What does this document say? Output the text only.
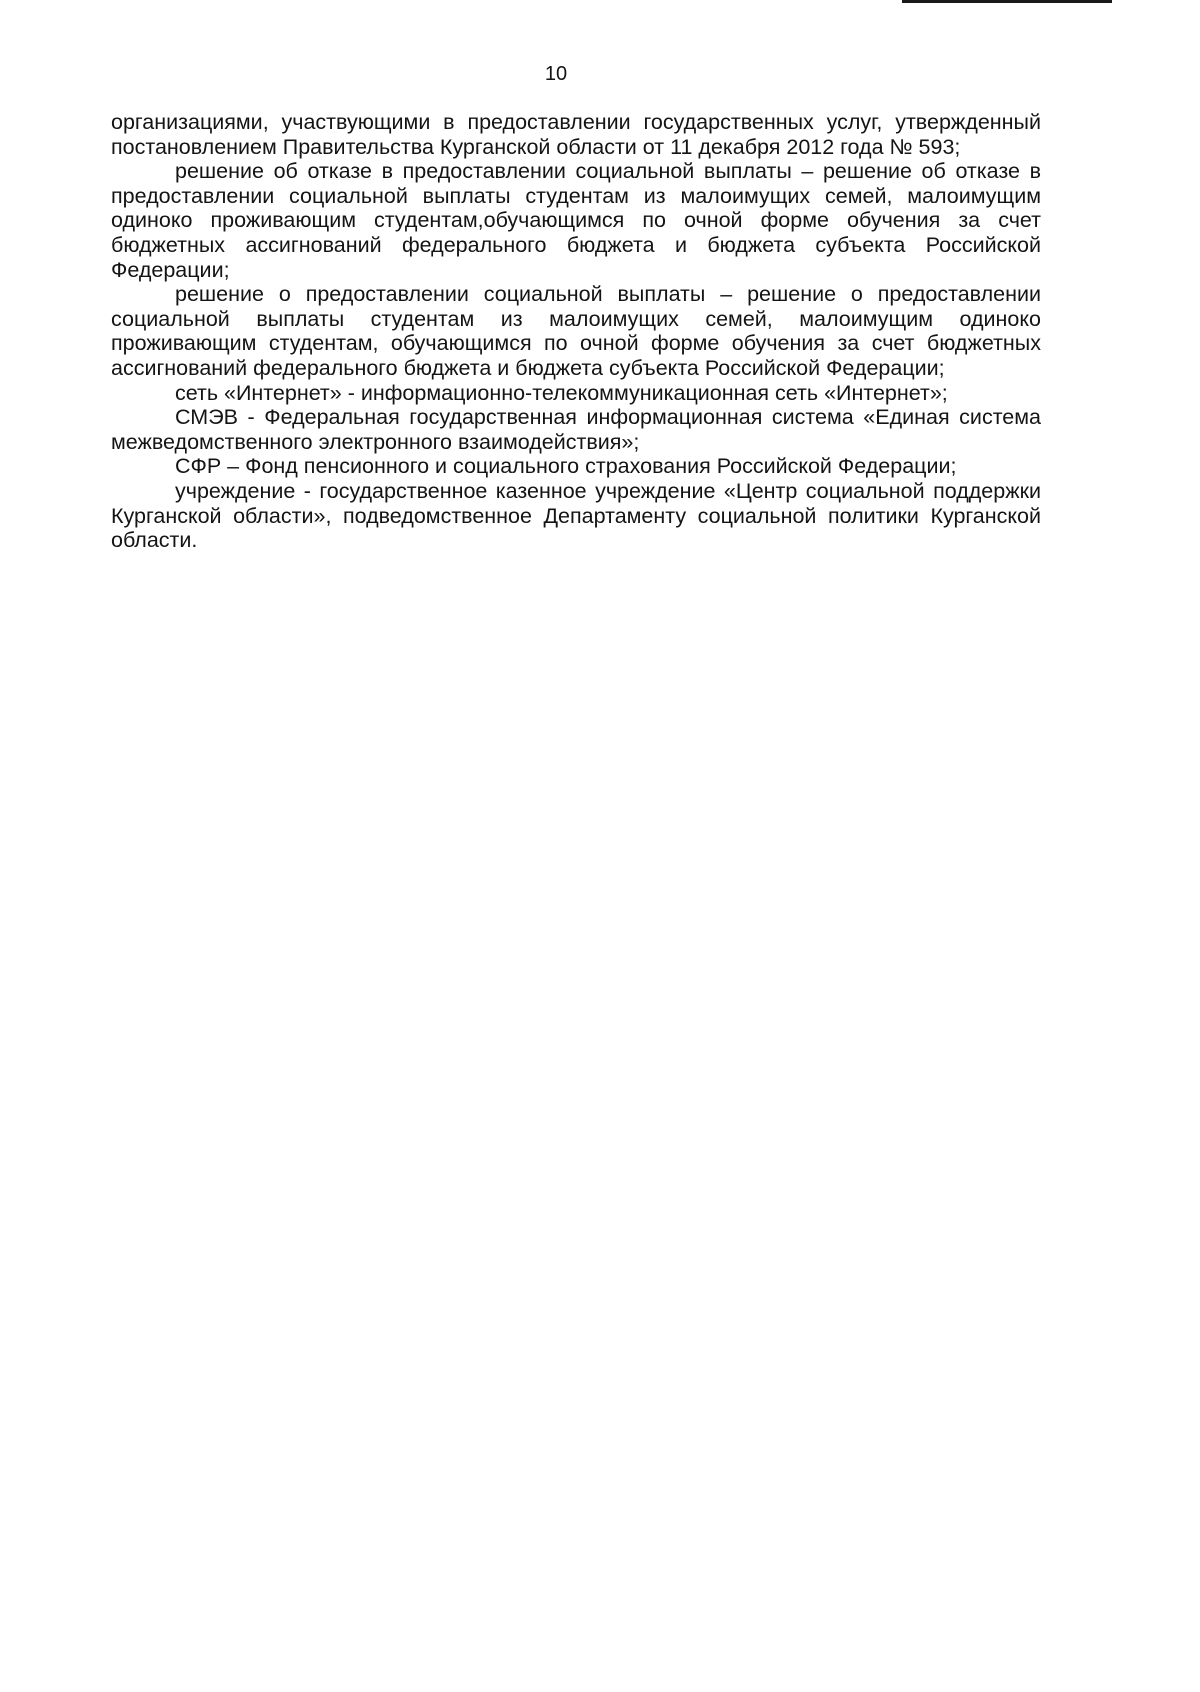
10

организациями, участвующими в предоставлении государственных услуг, утвержденный постановлением Правительства Курганской области от 11 декабря 2012 года № 593;

решение об отказе в предоставлении социальной выплаты – решение об отказе в предоставлении социальной выплаты студентам из малоимущих семей, малоимущим одиноко проживающим студентам,обучающимся по очной форме обучения за счет бюджетных ассигнований федерального бюджета и бюджета субъекта Российской Федерации;

решение о предоставлении социальной выплаты – решение о предоставлении социальной выплаты студентам из малоимущих семей, малоимущим одиноко проживающим студентам, обучающимся по очной форме обучения за счет бюджетных ассигнований федерального бюджета и бюджета субъекта Российской Федерации;

сеть «Интернет» - информационно-телекоммуникационная сеть «Интернет»;

СМЭВ - Федеральная государственная информационная система «Единая система межведомственного электронного взаимодействия»;

СФР – Фонд пенсионного и социального страхования Российской Федерации;

учреждение - государственное казенное учреждение «Центр социальной поддержки Курганской области», подведомственное Департаменту социальной политики Курганской области.
